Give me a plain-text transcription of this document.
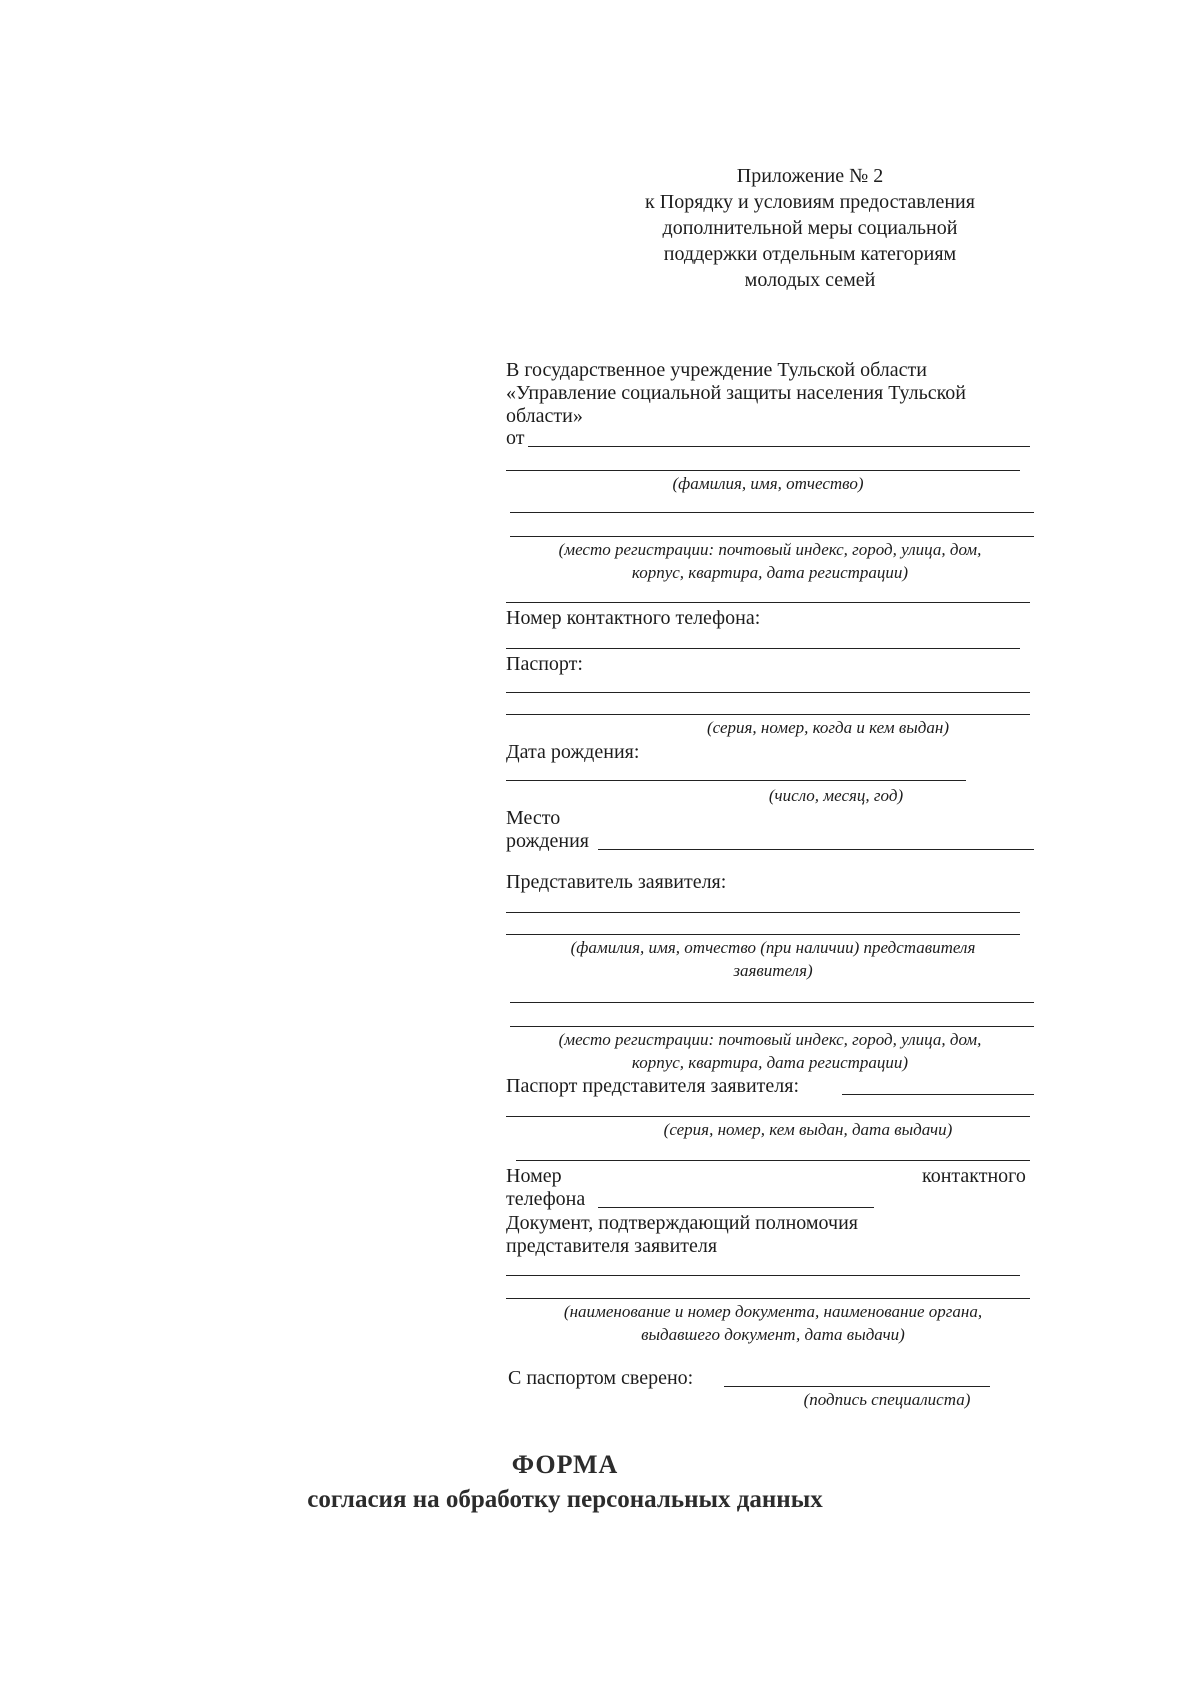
Приложение № 2
к Порядку и условиям предоставления
дополнительной меры социальной
поддержки отдельным категориям
молодых семей
В государственное учреждение Тульской области
«Управление социальной защиты населения Тульской
области»
от
(фамилия, имя, отчество)
(место регистрации: почтовый индекс, город, улица, дом,
корпус, квартира, дата регистрации)
Номер контактного телефона:
Паспорт:
(серия, номер, когда и кем выдан)
Дата рождения:
(число, месяц, год)
Место
рождения
Представитель заявителя:
(фамилия, имя, отчество (при наличии) представителя
заявителя)
(место регистрации: почтовый индекс, город, улица, дом,
корпус, квартира, дата регистрации)
Паспорт представителя заявителя:
(серия, номер, кем выдан, дата выдачи)
Номер	контактного
телефона
Документ, подтверждающий полномочия
представителя заявителя
(наименование и номер документа, наименование органа,
выдавшего документ, дата выдачи)
С паспортом сверено:
(подпись специалиста)
ФОРМА
согласия на обработку персональных данных
